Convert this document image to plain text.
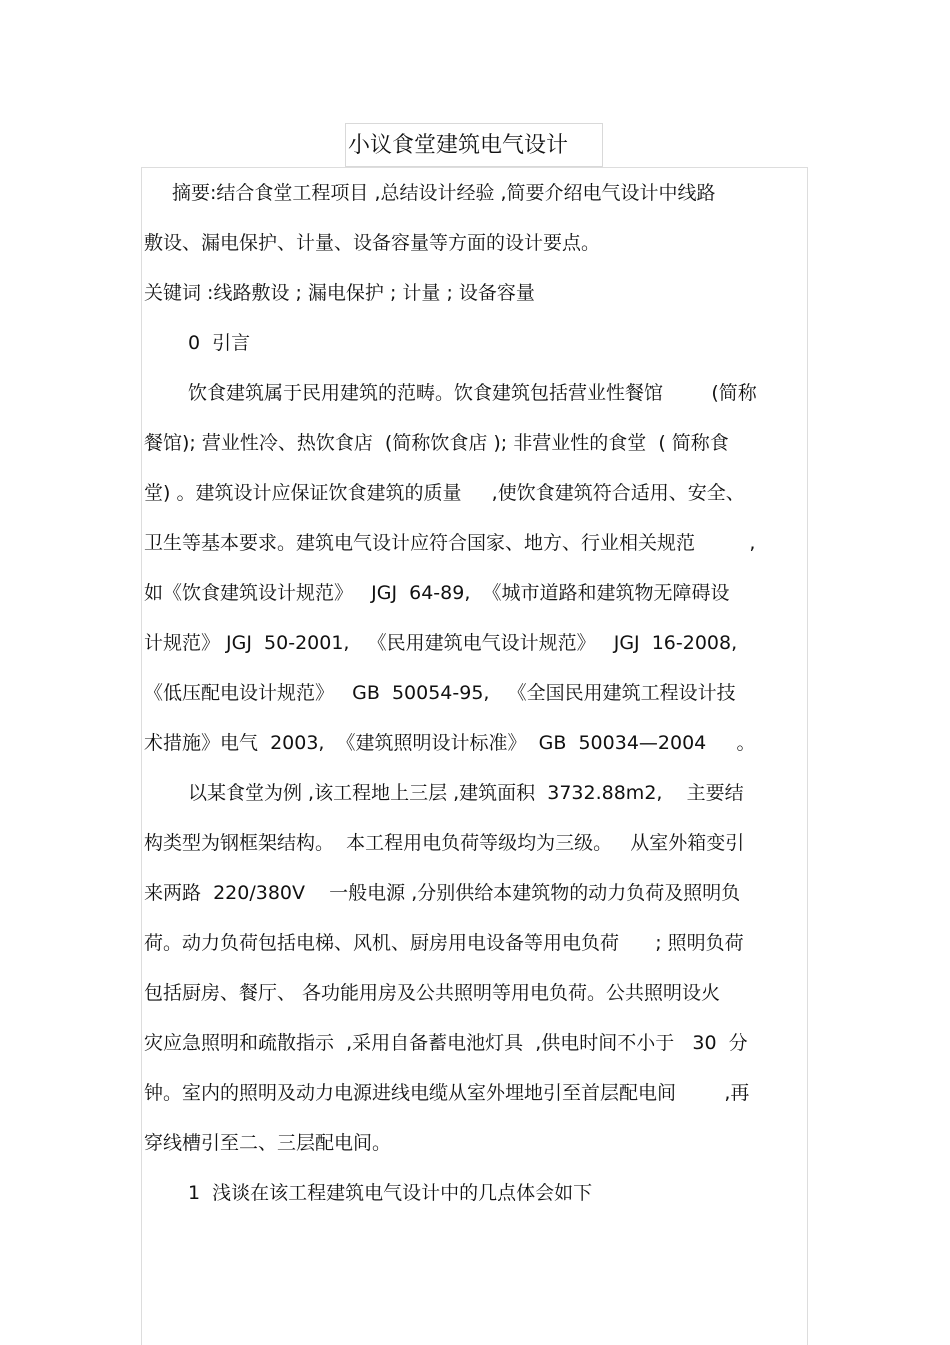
小议食堂建筑电气设计
摘要:结合食堂工程项目 ,总结设计经验 ,简要介绍电气设计中线路
敷设、漏电保护、计量、设备容量等方面的设计要点。
关键词 :线路敷设 ; 漏电保护 ; 计量 ; 设备容量
0  引言
饮食建筑属于民用建筑的范畴。饮食建筑包括营业性餐馆        (简称
餐馆); 营业性冷、热饮食店  (简称饮食店 ); 非营业性的食堂  ( 简称食
堂) 。建筑设计应保证饮食建筑的质量     ,使饮食建筑符合适用、安全、
卫生等基本要求。建筑电气设计应符合国家、地方、行业相关规范         ,
如《饮食建筑设计规范》   JGJ  64-89,  《城市道路和建筑物无障碍设
计规范》 JGJ  50-2001,   《民用建筑电气设计规范》   JGJ  16-2008,
《低压配电设计规范》   GB  50054-95,   《全国民用建筑工程设计技
术措施》电气  2003,  《建筑照明设计标准》  GB  50034—2004     。
以某食堂为例 ,该工程地上三层 ,建筑面积  3732.88m2,    主要结
构类型为钢框架结构。  本工程用电负荷等级均为三级。   从室外箱变引
来两路  220/380V    一般电源 ,分别供给本建筑物的动力负荷及照明负
荷。动力负荷包括电梯、风机、厨房用电设备等用电负荷      ; 照明负荷
包括厨房、餐厅、 各功能用房及公共照明等用电负荷。公共照明设火
灾应急照明和疏散指示  ,采用自备蓄电池灯具  ,供电时间不小于   30  分
钟。室内的照明及动力电源进线电缆从室外埋地引至首层配电间        ,再
穿线槽引至二、三层配电间。
1  浅谈在该工程建筑电气设计中的几点体会如下
